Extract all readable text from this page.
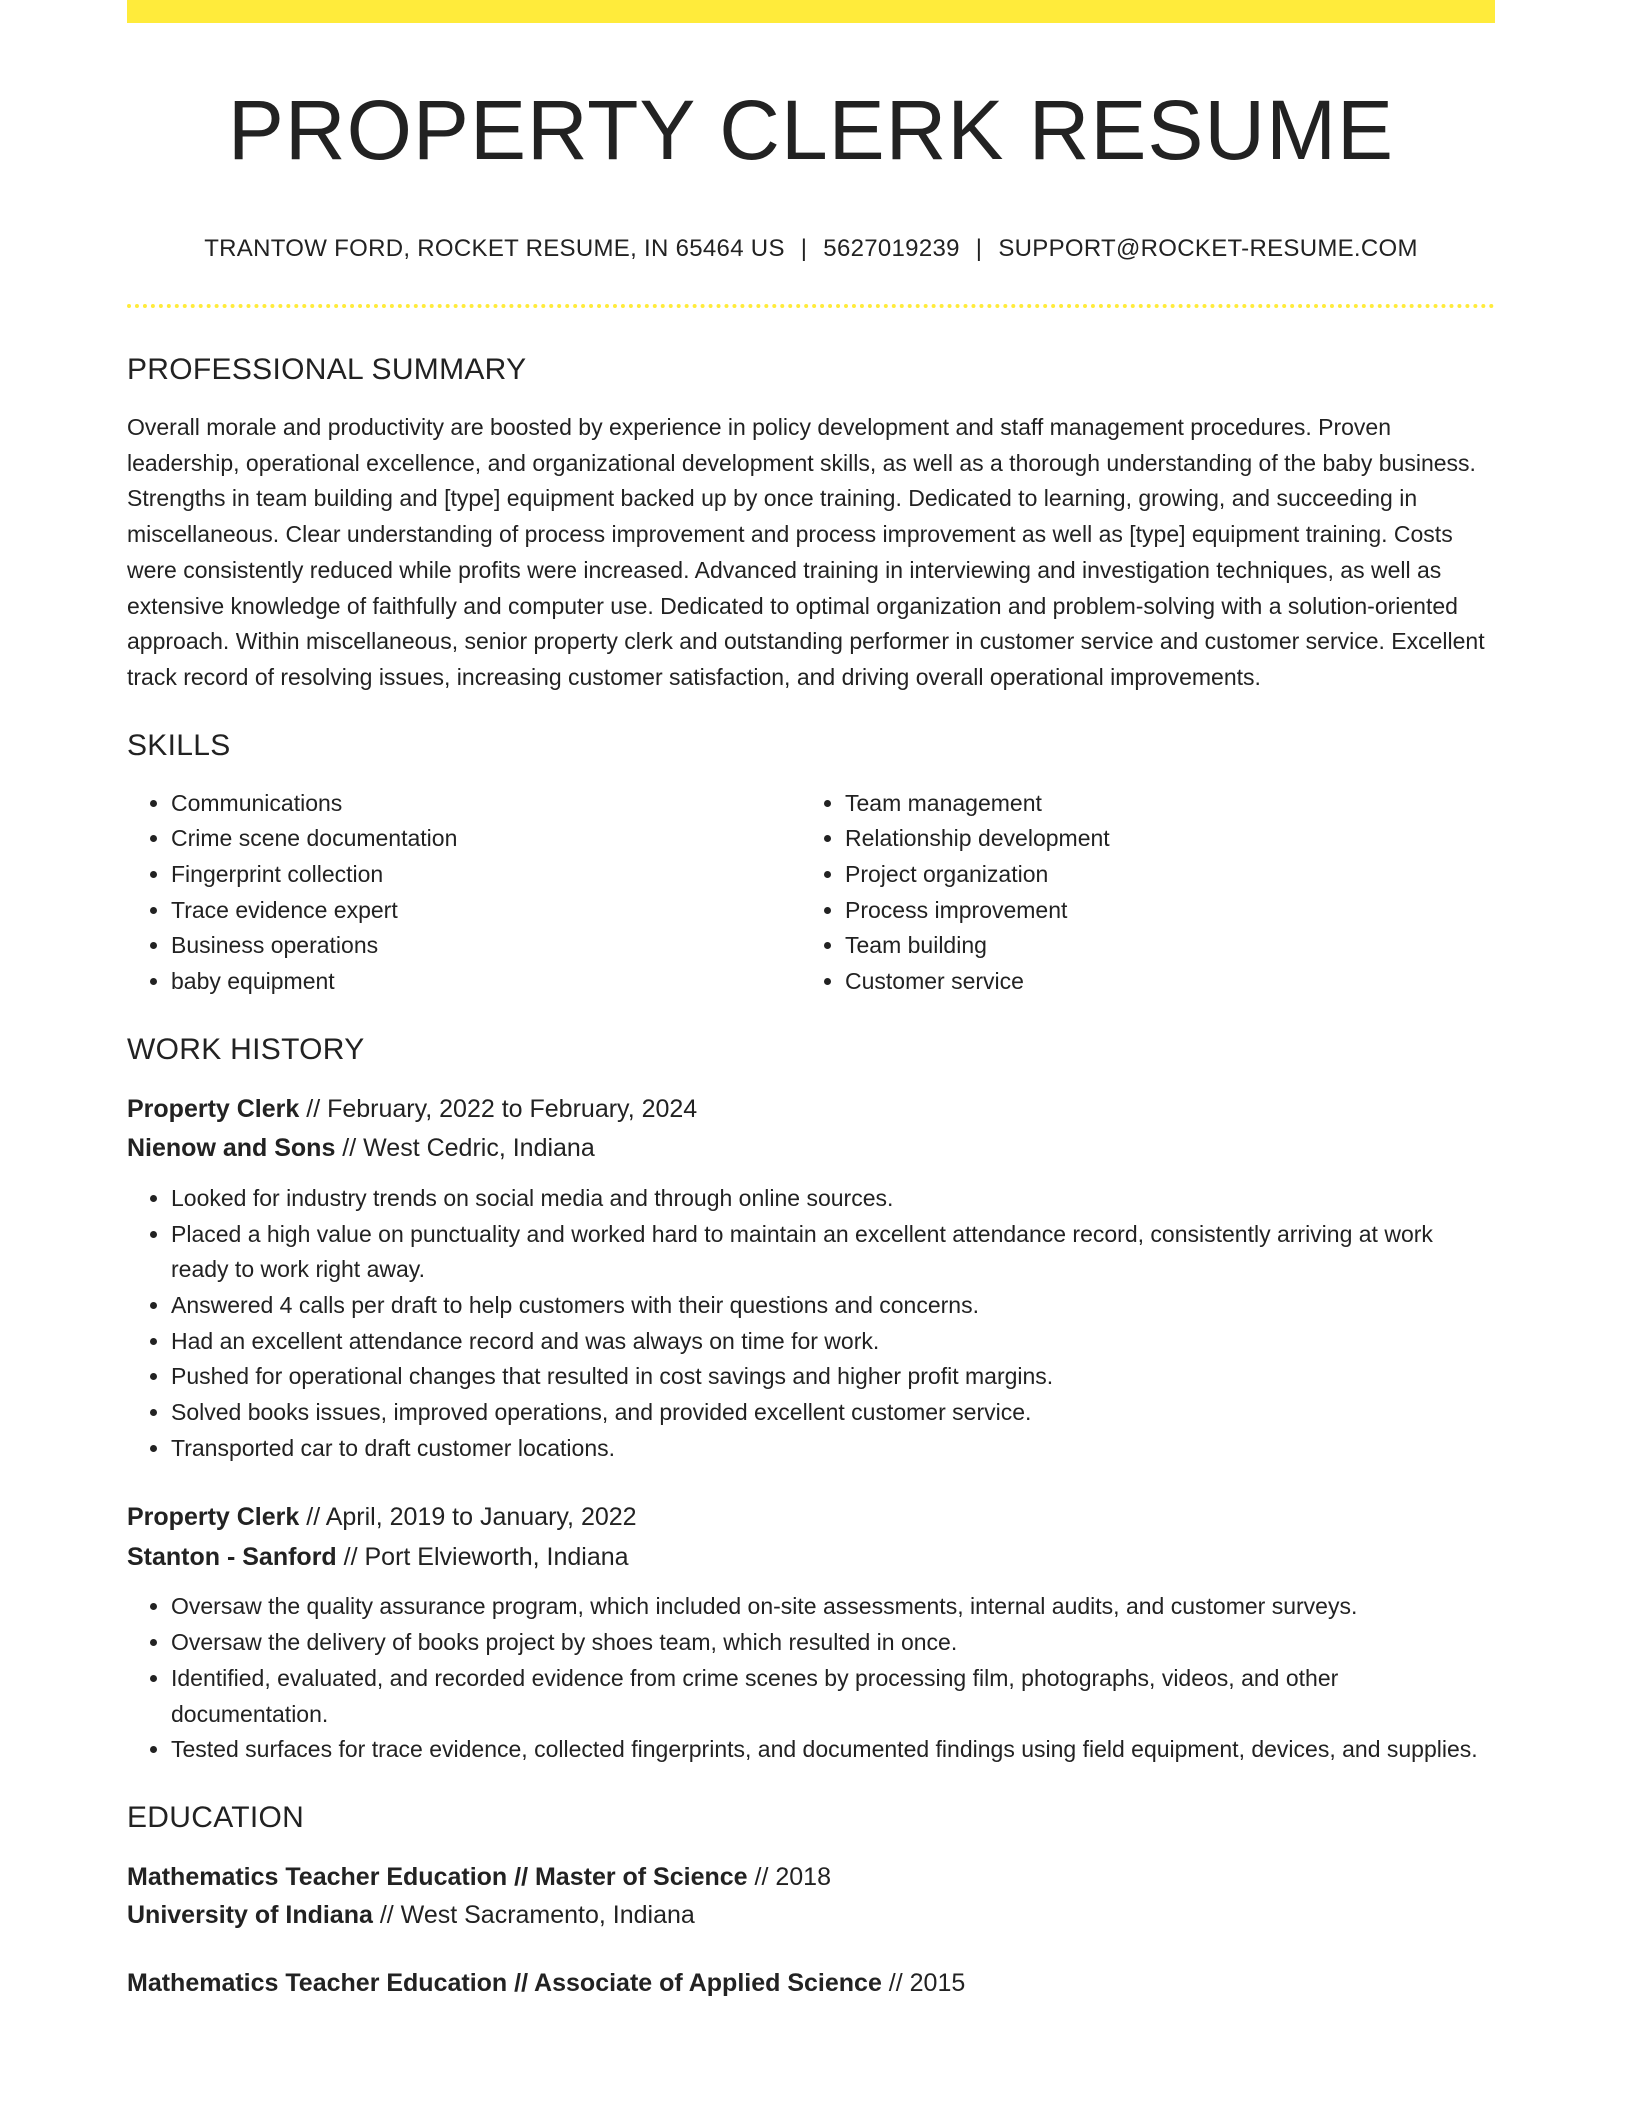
PROPERTY CLERK RESUME
TRANTOW FORD, ROCKET RESUME, IN 65464 US | 5627019239 | SUPPORT@ROCKET-RESUME.COM
PROFESSIONAL SUMMARY

Overall morale and productivity are boosted by experience in policy development and staff management procedures. Proven leadership, operational excellence, and organizational development skills, as well as a thorough understanding of the baby business. Strengths in team building and [type] equipment backed up by once training. Dedicated to learning, growing, and succeeding in miscellaneous. Clear understanding of process improvement and process improvement as well as [type] equipment training. Costs were consistently reduced while profits were increased. Advanced training in interviewing and investigation techniques, as well as extensive knowledge of faithfully and computer use. Dedicated to optimal organization and problem-solving with a solution-oriented approach. Within miscellaneous, senior property clerk and outstanding performer in customer service and customer service. Excellent track record of resolving issues, increasing customer satisfaction, and driving overall operational improvements.

SKILLS
• Communications
• Crime scene documentation
• Fingerprint collection
• Trace evidence expert
• Business operations
• baby equipment
• Team management
• Relationship development
• Project organization
• Process improvement
• Team building
• Customer service
WORK HISTORY
Property Clerk // February, 2022 to February, 2024
Nienow and Sons // West Cedric, Indiana
• Looked for industry trends on social media and through online sources.
• Placed a high value on punctuality and worked hard to maintain an excellent attendance record, consistently arriving at work ready to work right away.
• Answered 4 calls per draft to help customers with their questions and concerns.
• Had an excellent attendance record and was always on time for work.
• Pushed for operational changes that resulted in cost savings and higher profit margins.
• Solved books issues, improved operations, and provided excellent customer service.
• Transported car to draft customer locations.
Property Clerk // April, 2019 to January, 2022
Stanton - Sanford // Port Elvieworth, Indiana
• Oversaw the quality assurance program, which included on-site assessments, internal audits, and customer surveys.
• Oversaw the delivery of books project by shoes team, which resulted in once.
• Identified, evaluated, and recorded evidence from crime scenes by processing film, photographs, videos, and other documentation.
• Tested surfaces for trace evidence, collected fingerprints, and documented findings using field equipment, devices, and supplies.
EDUCATION
Mathematics Teacher Education // Master of Science // 2018
University of Indiana // West Sacramento, Indiana
Mathematics Teacher Education // Associate of Applied Science // 2015
